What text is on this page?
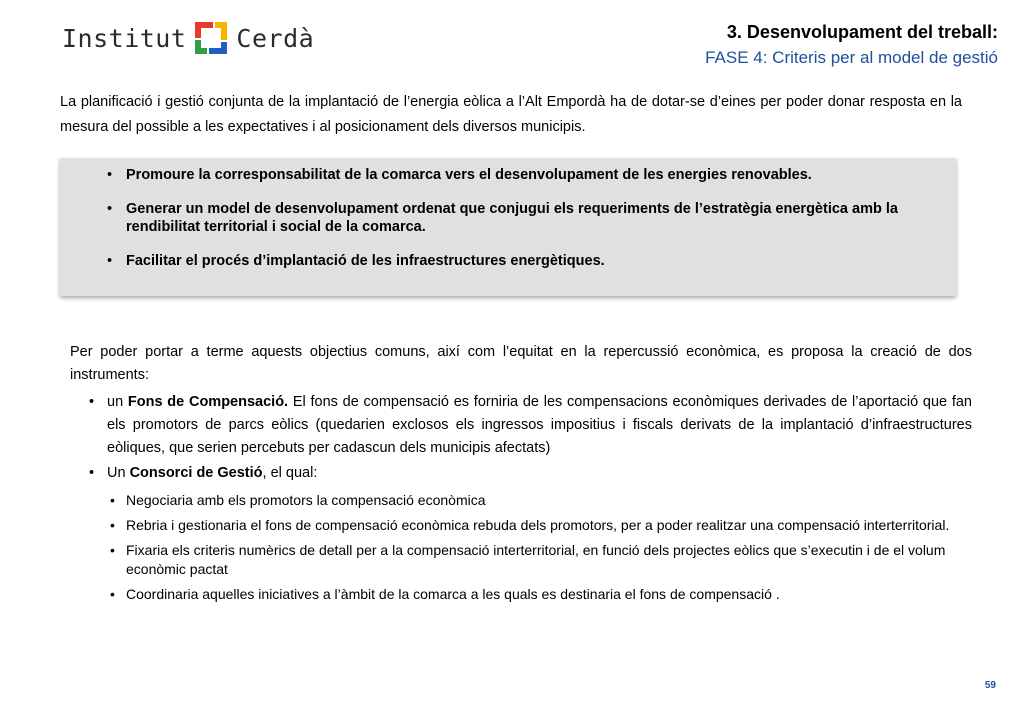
Institut Cerdà	3. Desenvolupament del treball:
FASE 4: Criteris per al model de gestió
La planificació i gestió conjunta de la implantació de l’energia eòlica a l’Alt Empordà ha de dotar-se d’eines per poder donar resposta en la mesura del possible a les expectatives i al posicionament dels diversos municipis.
• Promoure la corresponsabilitat de la comarca vers el desenvolupament de les energies renovables.
• Generar un model de desenvolupament ordenat que conjugui els requeriments de l’estratègia energètica amb la rendibilitat territorial i social de la comarca.
• Facilitar el procés d’implantació de les infraestructures energètiques.

Per poder portar a terme aquests objectius comuns, així com l’equitat en la repercussió econòmica, es proposa la creació de dos instruments:

• un Fons de Compensació. El fons de compensació es forniria de les compensacions econòmiques derivades de l’aportació que fan els promotors de parcs eòlics (quedarien exclosos els ingressos impositius i fiscals derivats de la implantació d’infraestructures eòliques, que serien percebuts per cadascun dels municipis afectats)
• Un Consorci de Gestió, el qual:
• Negociaria amb els promotors la compensació econòmica
• Rebria i gestionaria el fons de compensació econòmica rebuda dels promotors, per a poder realitzar una compensació interterritorial.
• Fixaria els criteris numèrics de detall per a la compensació interterritorial, en funció dels projectes eòlics que s’executin i de el volum econòmic pactat
• Coordinaria aquelles iniciatives a l’àmbit de la comarca a les quals es destinaria el fons de compensació .
59
